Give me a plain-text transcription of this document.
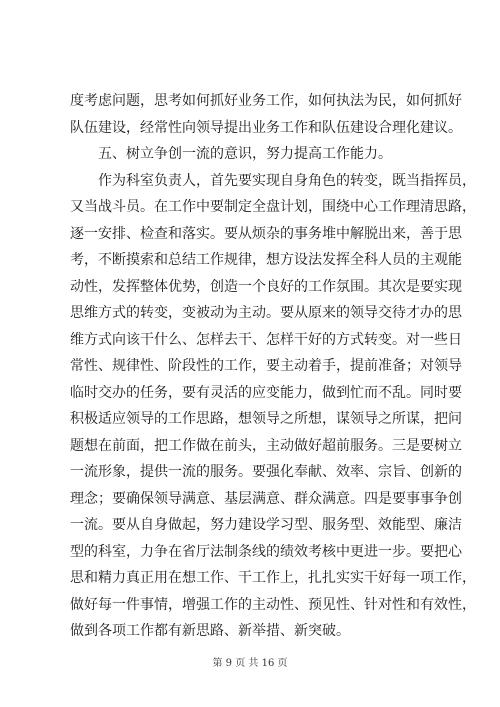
度考虑问题，思考如何抓好业务工作，如何执法为民，如何抓好
队伍建设，经常性向领导提出业务工作和队伍建设合理化建议。
五、树立争创一流的意识，努力提高工作能力。
作为科室负责人，首先要实现自身角色的转变，既当指挥员，
又当战斗员。在工作中要制定全盘计划，围绕中心工作理清思路，
逐一安排、检查和落实。要从烦杂的事务堆中解脱出来，善于思
考，不断摸索和总结工作规律，想方设法发挥全科人员的主观能
动性，发挥整体优势，创造一个良好的工作氛围。其次是要实现
思维方式的转变，变被动为主动。要从原来的领导交待才办的思
维方式向该干什么、怎样去干、怎样干好的方式转变。对一些日
常性、规律性、阶段性的工作，要主动着手，提前准备；对领导
临时交办的任务，要有灵活的应变能力，做到忙而不乱。同时要
积极适应领导的工作思路，想领导之所想，谋领导之所谋，把问
题想在前面，把工作做在前头，主动做好超前服务。三是要树立
一流形象，提供一流的服务。要强化奉献、效率、宗旨、创新的
理念；要确保领导满意、基层满意、群众满意。四是要事事争创
一流。要从自身做起，努力建设学习型、服务型、效能型、廉洁
型的科室，力争在省厅法制条线的绩效考核中更进一步。要把心
思和精力真正用在想工作、干工作上，扎扎实实干好每一项工作，
做好每一件事情，增强工作的主动性、预见性、针对性和有效性，
做到各项工作都有新思路、新举措、新突破。
第 9 页 共 16 页
